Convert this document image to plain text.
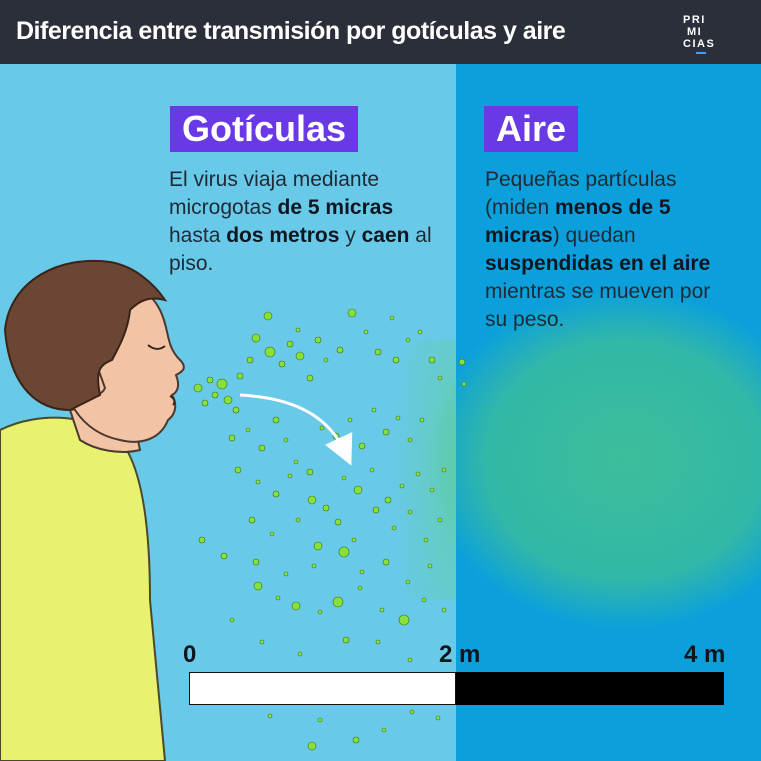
Diferencia entre transmisión por gotículas y aire	PRI
MI
CIAS
Gotículas	Aire
El virus viaja mediante microgotas de 5 micras hasta dos metros y caen al piso.
Pequeñas partículas (miden menos de 5 micras) quedan suspendidas en el aire mientras se mueven por su peso.
0	2 m	4 m
